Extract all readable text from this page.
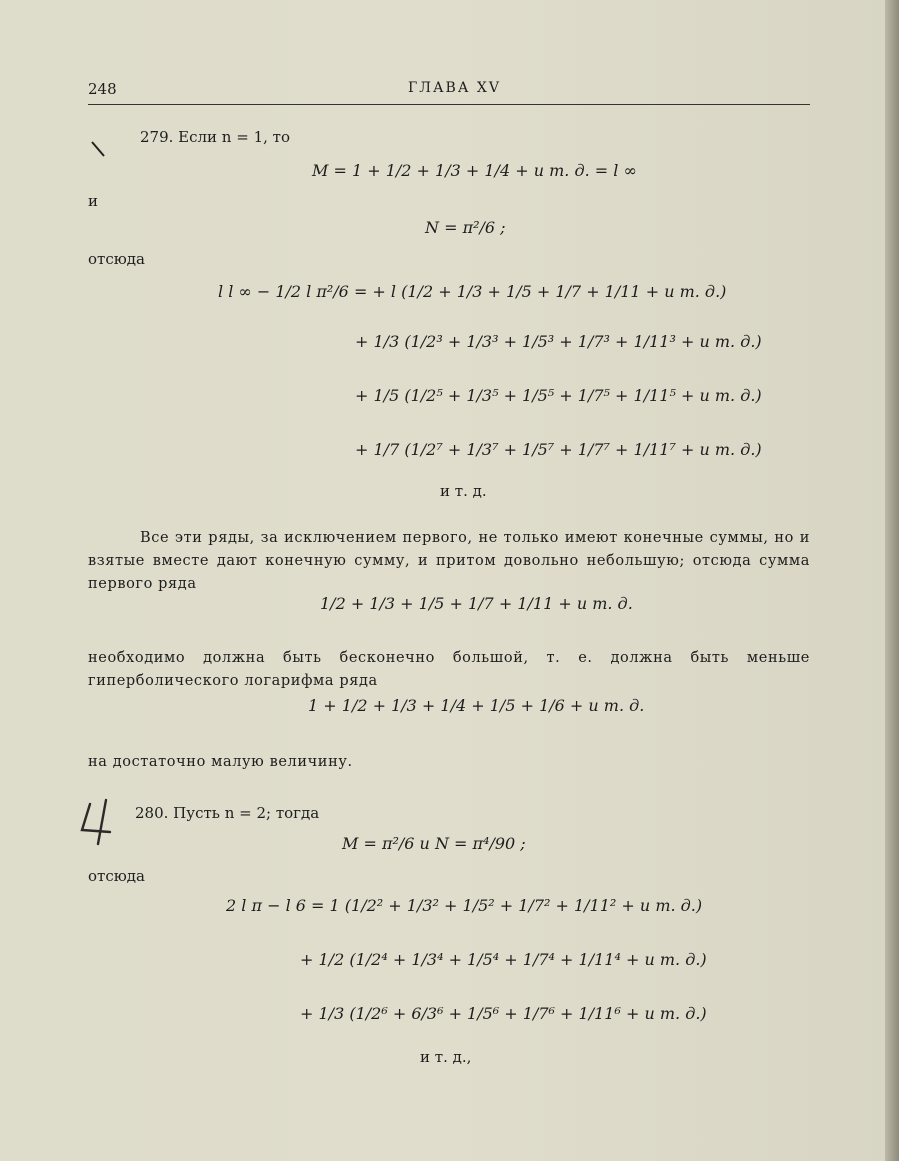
248	ГЛАВА XV
279. Если n = 1, то
M = 1 + 1/2 + 1/3 + 1/4 + и т. д. = l ∞
и
N = π²/6 ;
отсюда
l l ∞ − 1/2 l π²/6 = + l (1/2 + 1/3 + 1/5 + 1/7 + 1/11 + и т. д.)
+ 1/3 (1/2³ + 1/3³ + 1/5³ + 1/7³ + 1/11³ + и т. д.)
+ 1/5 (1/2⁵ + 1/3⁵ + 1/5⁵ + 1/7⁵ + 1/11⁵ + и т. д.)
+ 1/7 (1/2⁷ + 1/3⁷ + 1/5⁷ + 1/7⁷ + 1/11⁷ + и т. д.)
и т. д.
Все эти ряды, за исключением первого, не только имеют конечные суммы, но и взятые вместе дают конечную сумму, и притом довольно небольшую; отсюда сумма первого ряда
1/2 + 1/3 + 1/5 + 1/7 + 1/11 + и т. д.
необходимо должна быть бесконечно большой, т. е. должна быть меньше гиперболического логарифма ряда
1 + 1/2 + 1/3 + 1/4 + 1/5 + 1/6 + и т. д.
на достаточно малую величину.
280. Пусть n = 2; тогда
M = π²/6 и N = π⁴/90 ;
отсюда
2 l π − l 6 = 1 (1/2² + 1/3² + 1/5² + 1/7² + 1/11² + и т. д.)
+ 1/2 (1/2⁴ + 1/3⁴ + 1/5⁴ + 1/7⁴ + 1/11⁴ + и т. д.)
+ 1/3 (1/2⁶ + 6/3⁶ + 1/5⁶ + 1/7⁶ + 1/11⁶ + и т. д.)
и т. д.,
